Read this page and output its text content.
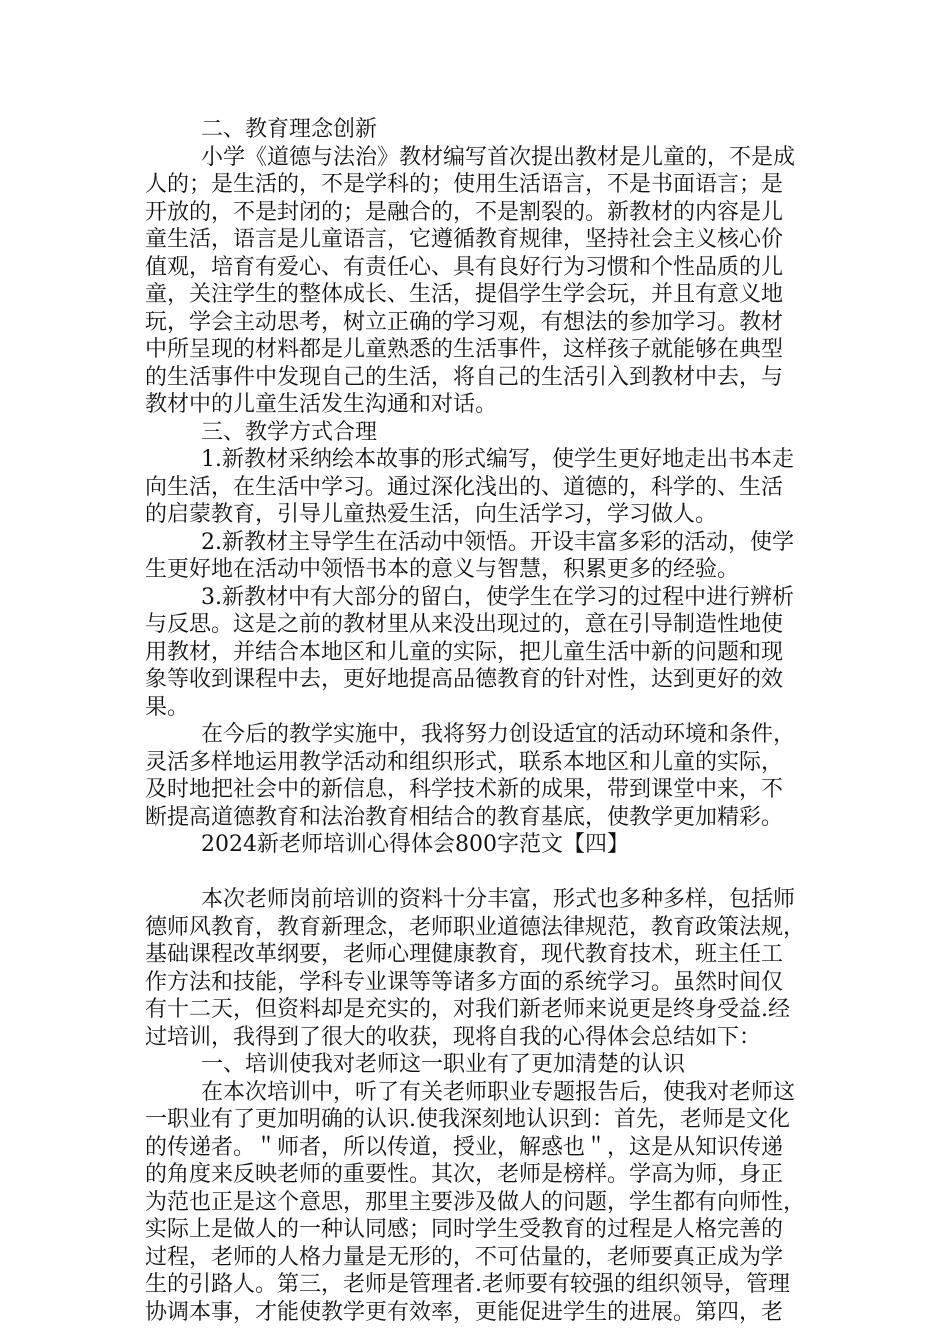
二、教育理念创新
小学《道德与法治》教材编写首次提出教材是儿童的，不是成
人的；是生活的，不是学科的；使用生活语言，不是书面语言；是
开放的，不是封闭的；是融合的，不是割裂的。新教材的内容是儿
童生活，语言是儿童语言，它遵循教育规律，坚持社会主义核心价
值观，培育有爱心、有责任心、具有良好行为习惯和个性品质的儿
童，关注学生的整体成长、生活，提倡学生学会玩，并且有意义地
玩，学会主动思考，树立正确的学习观，有想法的参加学习。教材
中所呈现的材料都是儿童熟悉的生活事件，这样孩子就能够在典型
的生活事件中发现自己的生活，将自己的生活引入到教材中去，与
教材中的儿童生活发生沟通和对话。
三、教学方式合理
1.新教材采纳绘本故事的形式编写，使学生更好地走出书本走
向生活，在生活中学习。通过深化浅出的、道德的，科学的、生活
的启蒙教育，引导儿童热爱生活，向生活学习，学习做人。
2.新教材主导学生在活动中领悟。开设丰富多彩的活动，使学
生更好地在活动中领悟书本的意义与智慧，积累更多的经验。
3.新教材中有大部分的留白，使学生在学习的过程中进行辨析
与反思。这是之前的教材里从来没出现过的，意在引导制造性地使
用教材，并结合本地区和儿童的实际，把儿童生活中新的问题和现
象等收到课程中去，更好地提高品德教育的针对性，达到更好的效
果。
在今后的教学实施中，我将努力创设适宜的活动环境和条件，
灵活多样地运用教学活动和组织形式，联系本地区和儿童的实际，
及时地把社会中的新信息，科学技术新的成果，带到课堂中来，不
断提高道德教育和法治教育相结合的教育基底，使教学更加精彩。
2024新老师培训心得体会800字范文【四】
本次老师岗前培训的资料十分丰富，形式也多种多样，包括师
德师风教育，教育新理念，老师职业道德法律规范，教育政策法规，
基础课程改革纲要，老师心理健康教育，现代教育技术，班主任工
作方法和技能，学科专业课等等诸多方面的系统学习。虽然时间仅
有十二天，但资料却是充实的，对我们新老师来说更是终身受益.经
过培训，我得到了很大的收获，现将自我的心得体会总结如下：
一、培训使我对老师这一职业有了更加清楚的认识
在本次培训中，听了有关老师职业专题报告后，使我对老师这
一职业有了更加明确的认识.使我深刻地认识到：首先，老师是文化
的传递者。＂师者，所以传道，授业，解惑也＂，这是从知识传递
的角度来反映老师的重要性。其次，老师是榜样。学高为师，身正
为范也正是这个意思，那里主要涉及做人的问题，学生都有向师性，
实际上是做人的一种认同感；同时学生受教育的过程是人格完善的
过程，老师的人格力量是无形的，不可估量的，老师要真正成为学
生的引路人。第三，老师是管理者.老师要有较强的组织领导，管理
协调本事，才能使教学更有效率，更能促进学生的进展。第四，老
